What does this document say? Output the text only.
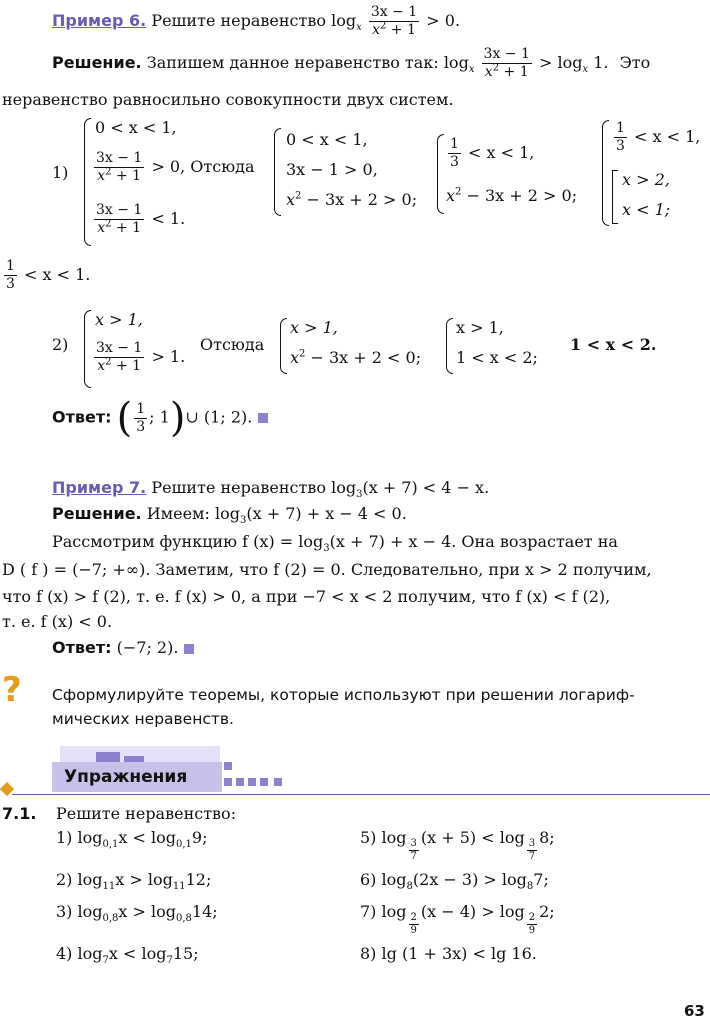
Пример 6. Решите неравенство $\log_x \frac{3x - 1}{x^2 + 1} > 0$.
Решение. Запишем данное неравенство так: $\log_x \frac{3x - 1}{x^2 + 1} > \log_x 1$. Это
неравенство равносильно совокупности двух систем.
1)
0 < x < 1,
$\frac{3x - 1}{x^2 + 1} > 0$, Отсюда
$\frac{3x - 1}{x^2 + 1} < 1$.
0 < x < 1,
3x − 1 > 0,
$x^2 - 3x + 2 > 0$;
$\frac{1}{3} < x < 1$,
$x^2 - 3x + 2 > 0$;
$\frac{1}{3} < x < 1$,
x > 2,
x < 1;
$\frac{1}{3} < x < 1$.
2)
x > 1,
$\frac{3x - 1}{x^2 + 1} > 1$.
Отсюда
x > 1,
$x^2 - 3x + 2 < 0$;
x > 1,
1 < x < 2;
1 < x < 2.
Ответ: ( $\frac{1}{3}$ ; 1)∪ (1; 2).
Пример 7. Решите неравенство $\log_3(x + 7) < 4 - x$.
Решение. Имеем: $\log_3(x + 7) + x - 4 < 0$.
Рассмотрим функцию f $(x) = \log_3(x + 7) + x - 4$. Она возрастает на
D ( f ) = (−7; +∞). Заметим, что f (2) = 0. Следовательно, при x > 2 получим,
что f (x) > f (2), т. е. f (x) > 0, а при −7 < x < 2 получим, что f (x) < f (2),
т. е. f (x) < 0.
Ответ: (−7; 2).
? Сформулируйте теоремы, которые используют при решении логариф-
мических неравенств.
Упражнения
7.1. Решите неравенство:
1) $\log_{0,1}x < \log_{0,1}9$;	5) log
$_{\frac{3}{7}}$
(x + 5) < log
$_{\frac{3}{7}}$
8;
2) $\log_{11}x > \log_{11}12$;	6) $\log_8(2x - 3) > \log_87$;
3) $\log_{0,8}x > \log_{0,8}14$;	7) log
$_{\frac{2}{9}}$
(x − 4) > log
$_{\frac{2}{9}}$
2;
4) $\log_7x < \log_715$;	8) lg (1 + 3x) < lg 16.
63
